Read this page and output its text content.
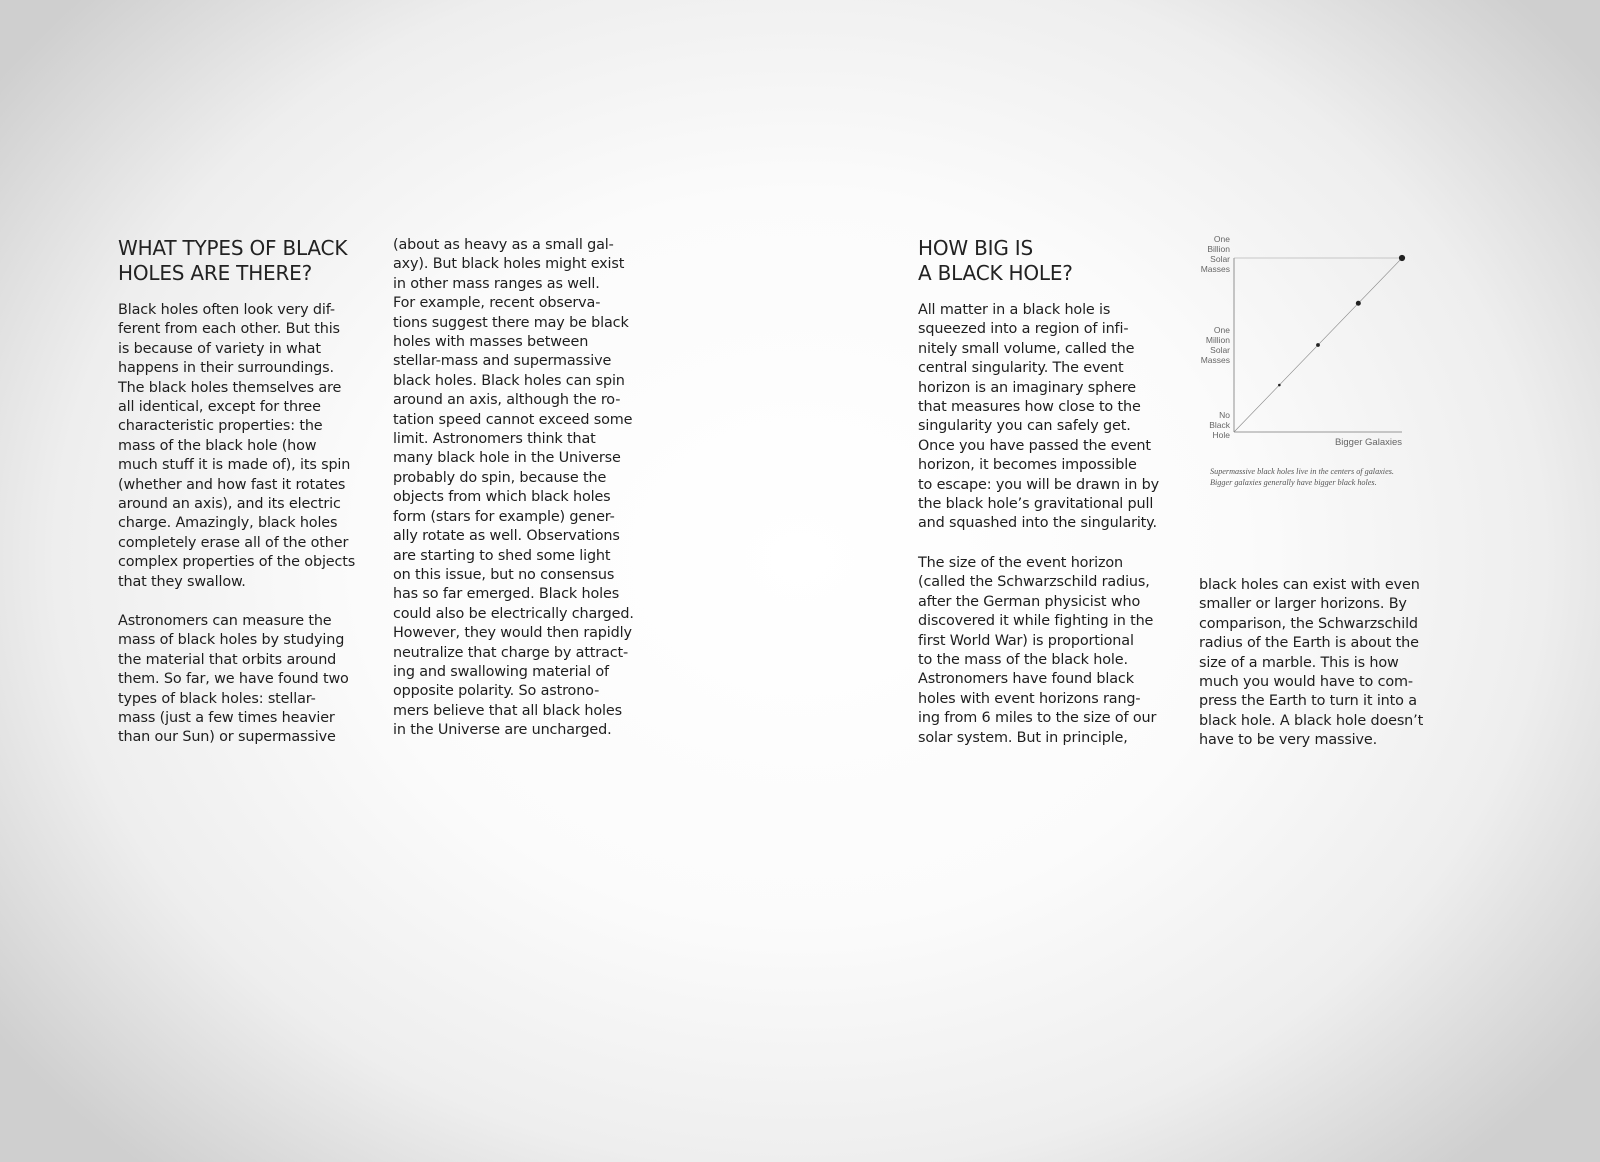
WHAT TYPES OF BLACK
HOLES ARE THERE?

Black holes often look very dif-
ferent from each other. But this
is because of variety in what
happens in their surroundings.
The black holes themselves are
all identical, except for three
characteristic properties: the
mass of the black hole (how
much stuff it is made of), its spin
(whether and how fast it rotates
around an axis), and its electric
charge. Amazingly, black holes
completely erase all of the other
complex properties of the objects
that they swallow.

Astronomers can measure the
mass of black holes by studying
the material that orbits around
them. So far, we have found two
types of black holes: stellar-
mass (just a few times heavier
than our Sun) or supermassive

(about as heavy as a small gal-
axy). But black holes might exist
in other mass ranges as well.
For example, recent observa-
tions suggest there may be black
holes with masses between
stellar-mass and supermassive
black holes. Black holes can spin
around an axis, although the ro-
tation speed cannot exceed some
limit. Astronomers think that
many black hole in the Universe
probably do spin, because the
objects from which black holes
form (stars for example) gener-
ally rotate as well. Observations
are starting to shed some light
on this issue, but no consensus
has so far emerged. Black holes
could also be electrically charged.
However, they would then rapidly
neutralize that charge by attract-
ing and swallowing material of
opposite polarity. So astrono-
mers believe that all black holes
in the Universe are uncharged.

HOW BIG IS
A BLACK HOLE?

All matter in a black hole is
squeezed into a region of infi-
nitely small volume, called the
central singularity. The event
horizon is an imaginary sphere
that measures how close to the
singularity you can safely get.
Once you have passed the event
horizon, it becomes impossible
to escape: you will be drawn in by
the black hole’s gravitational pull
and squashed into the singularity.

The size of the event horizon
(called the Schwarzschild radius,
after the German physicist who
discovered it while fighting in the
first World War) is proportional
to the mass of the black hole.
Astronomers have found black
holes with event horizons rang-
ing from 6 miles to the size of our
solar system. But in principle,

black holes can exist with even
smaller or larger horizons. By
comparison, the Schwarzschild
radius of the Earth is about the
size of a marble. This is how
much you would have to com-
press the Earth to turn it into a
black hole. A black hole doesn’t
have to be very massive.

One
Billion
Solar
Masses
One
Million
Solar
Masses
No
Black
Hole
Bigger Galaxies

Supermassive black holes live in the centers of galaxies.
Bigger galaxies generally have bigger black holes.
